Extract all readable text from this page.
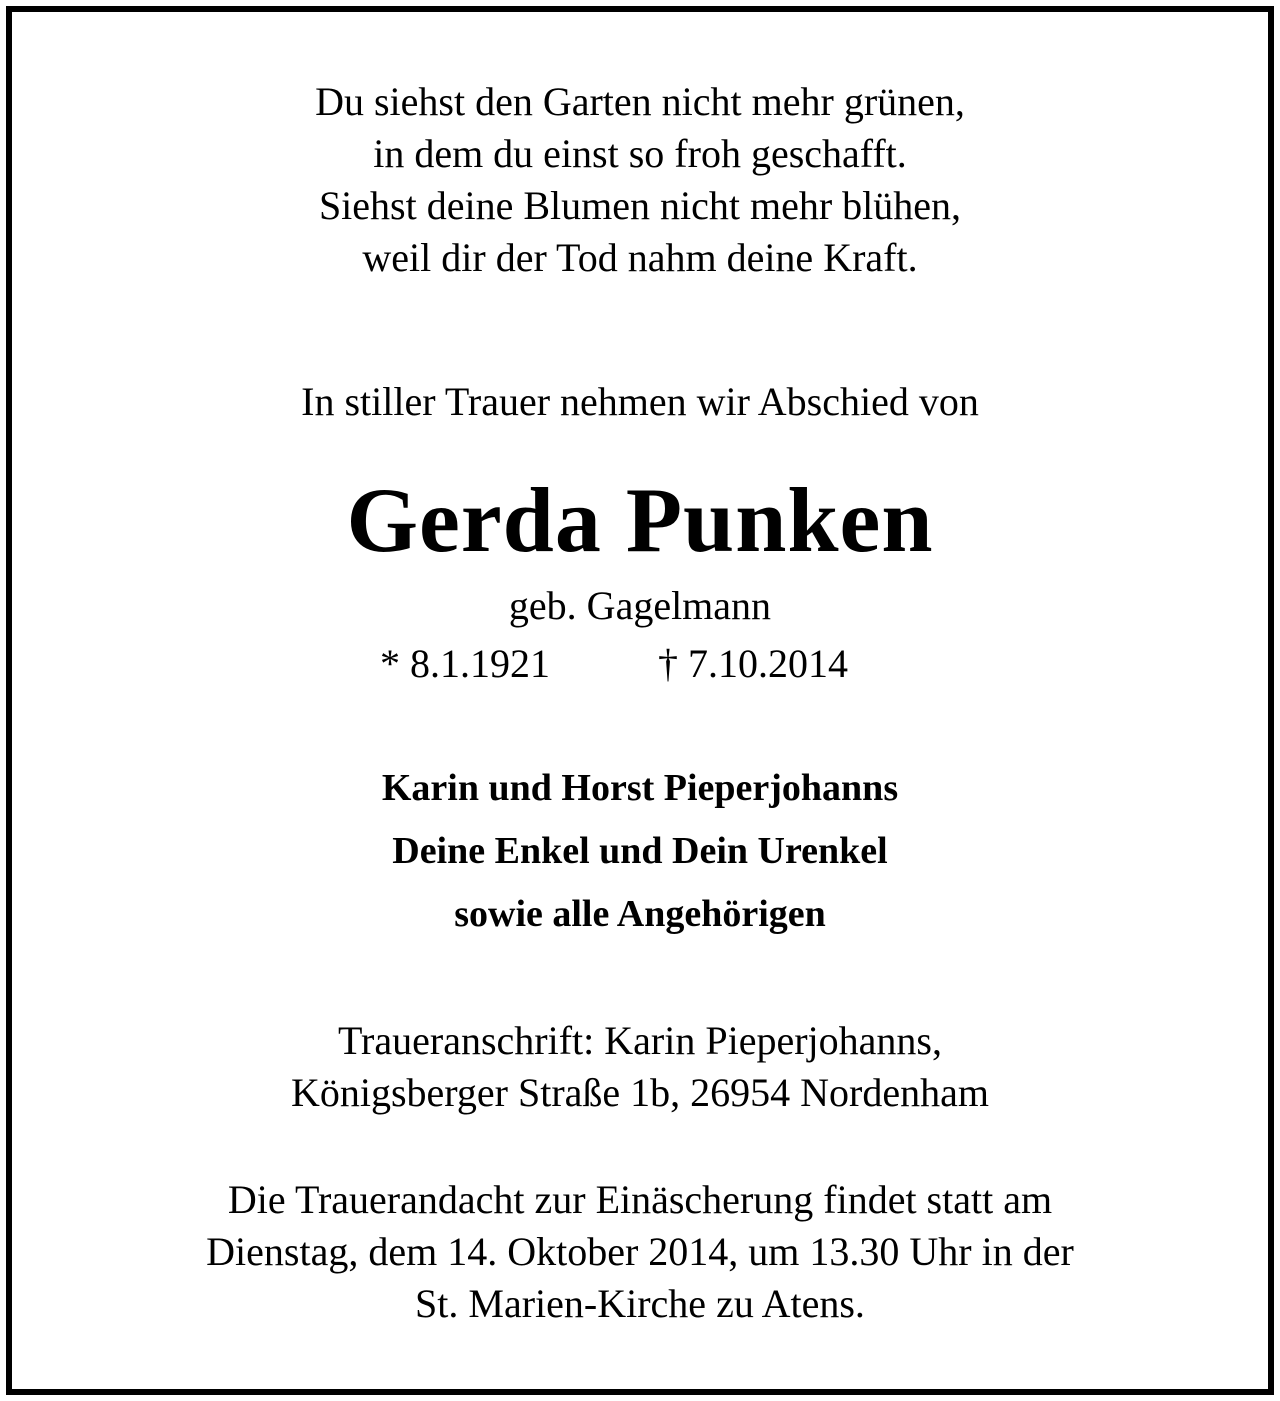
Du siehst den Garten nicht mehr grünen,
in dem du einst so froh geschafft.
Siehst deine Blumen nicht mehr blühen,
weil dir der Tod nahm deine Kraft.
In stiller Trauer nehmen wir Abschied von
Gerda Punken
geb. Gagelmann
* 8.1.1921	† 7.10.2014
Karin und Horst Pieperjohanns
Deine Enkel und Dein Urenkel
sowie alle Angehörigen
Traueranschrift: Karin Pieperjohanns,
Königsberger Straße 1b, 26954 Nordenham
Die Trauerandacht zur Einäscherung findet statt am
Dienstag, dem 14. Oktober 2014, um 13.30 Uhr in der
St. Marien-Kirche zu Atens.
